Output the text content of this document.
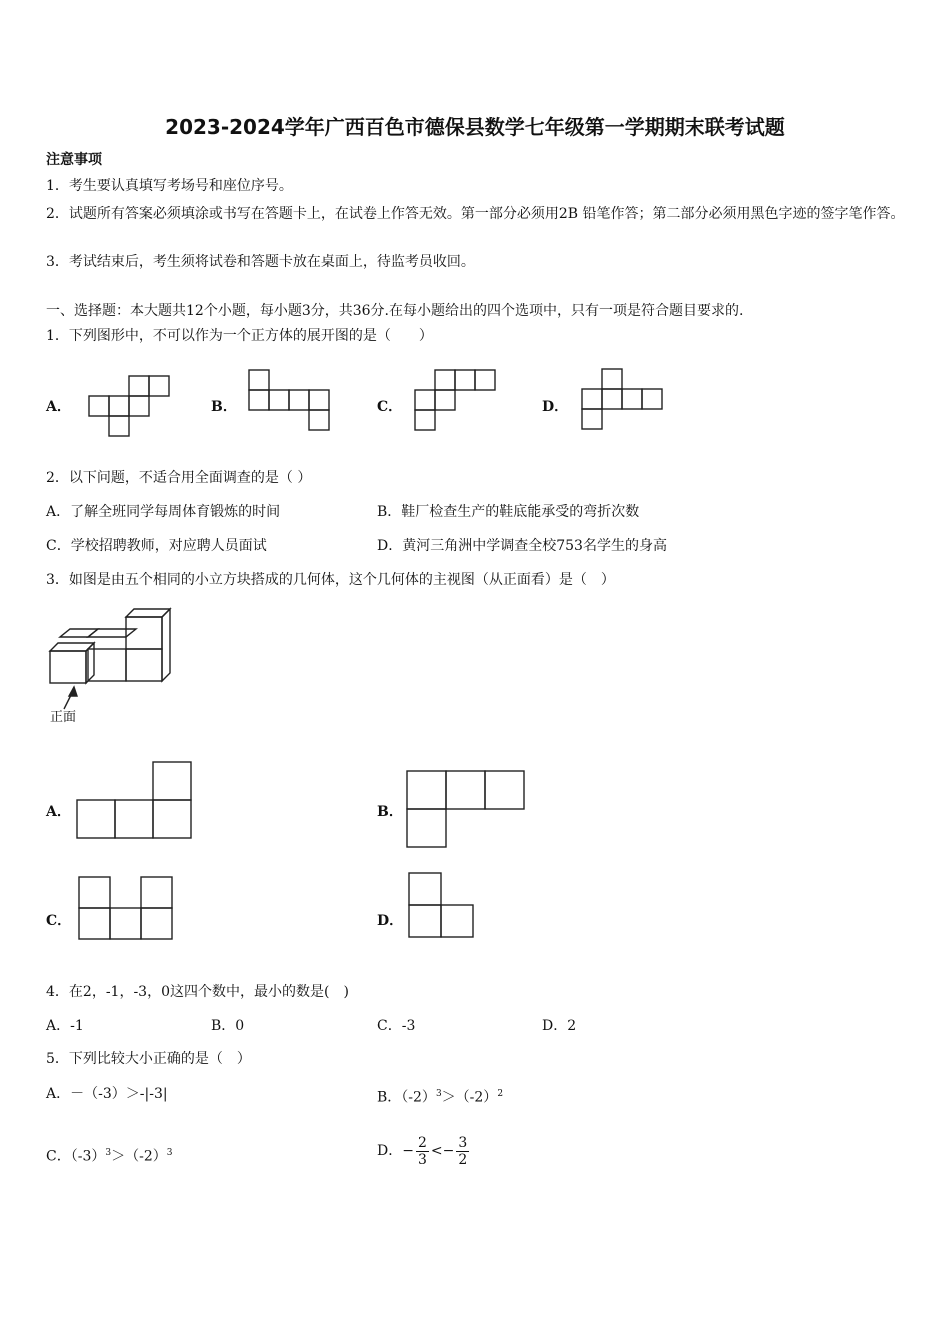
2023-2024学年广西百色市德保县数学七年级第一学期期末联考试题
注意事项
1．考生要认真填写考场号和座位序号。
2．试题所有答案必须填涂或书写在答题卡上，在试卷上作答无效。第一部分必须用2B 铅笔作答；第二部分必须用黑色字迹的签字笔作答。
3．考试结束后，考生须将试卷和答题卡放在桌面上，待监考员收回。
一、选择题：本大题共12个小题，每小题3分，共36分.在每小题给出的四个选项中，只有一项是符合题目要求的.
1．下列图形中，不可以作为一个正方体的展开图的是（　　）
A．	B．	C．	D．
2．以下问题，不适合用全面调查的是（ ）
A．了解全班同学每周体育锻炼的时间	B．鞋厂检查生产的鞋底能承受的弯折次数
C．学校招聘教师，对应聘人员面试	D．黄河三角洲中学调查全校753名学生的身高
3．如图是由五个相同的小立方块搭成的几何体，这个几何体的主视图（从正面看）是（　）
正面
A．	B．
C．	D．
4．在2，-1，-3，0这四个数中，最小的数是(　)
A．-1	B．0	C．-3	D．2
5．下列比较大小正确的是（　）
A．－（-3）＞-|-3|	B．$(-2)^3>(-2)^2$
C．$(-3)^3>(-2)^3$	D．− $\frac{2}{3} <- \frac{3}{2}$
